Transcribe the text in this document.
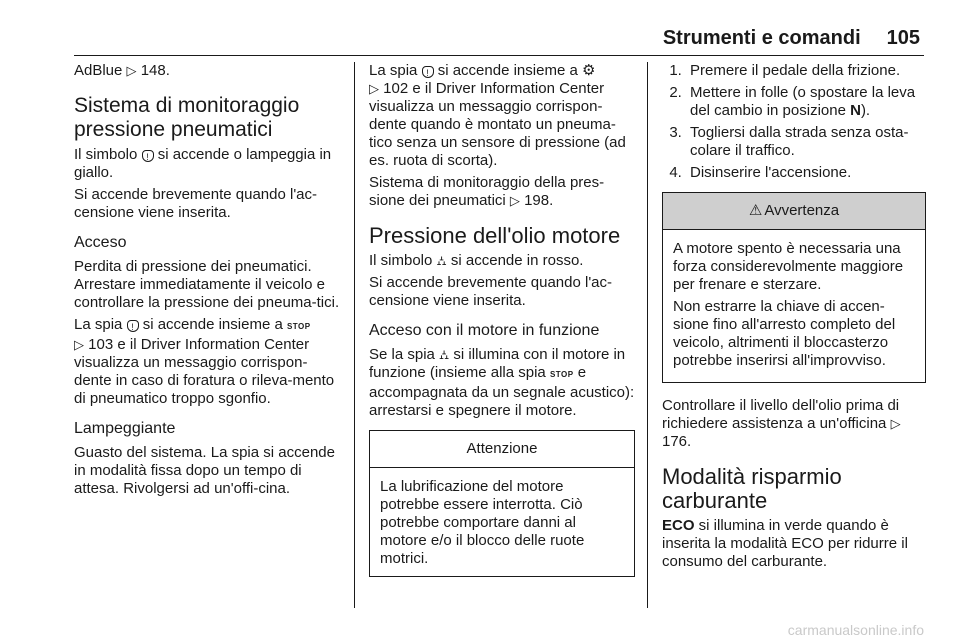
Strumenti e comandi 105

AdBlue ▷ 148.

Sistema di monitoraggio pressione pneumatici

Il simbolo ! si accende o lampeggia in giallo.

Si accende brevemente quando l'ac-censione viene inserita.

Acceso

Perdita di pressione dei pneumatici. Arrestare immediatamente il veicolo e controllare la pressione dei pneuma-tici.

La spia ! si accende insieme a STOP
▷ 103 e il Driver Information Center visualizza un messaggio corrispon-dente in caso di foratura o rileva-mento di pneumatico troppo sgonfio.

Lampeggiante

Guasto del sistema. La spia si accende in modalità fissa dopo un tempo di attesa. Rivolgersi ad un'offi-cina.

La spia ! si accende insieme a ⚙
▷ 102 e il Driver Information Center visualizza un messaggio corrispon-dente quando è montato un pneuma-tico senza un sensore di pressione (ad es. ruota di scorta).

Sistema di monitoraggio della pres-sione dei pneumatici ▷ 198.

Pressione dell'olio motore

Il simbolo ⛼ si accende in rosso.

Si accende brevemente quando l'ac-censione viene inserita.

Acceso con il motore in funzione

Se la spia ⛼ si illumina con il motore in funzione (insieme alla spia STOP e accompagnata da un segnale acustico): arrestarsi e spegnere il motore.

Attenzione
La lubrificazione del motore potrebbe essere interrotta. Ciò potrebbe comportare danni al motore e/o il blocco delle ruote motrici.
1. Premere il pedale della frizione.
2. Mettere in folle (o spostare la leva del cambio in posizione N).
3. Togliersi dalla strada senza osta-colare il traffico.
4. Disinserire l'accensione.
⚠ Avvertenza

A motore spento è necessaria una forza considerevolmente maggiore per frenare e sterzare.

Non estrarre la chiave di accen-sione fino all'arresto completo del veicolo, altrimenti il bloccasterzo potrebbe inserirsi all'improvviso.

Controllare il livello dell'olio prima di richiedere assistenza a un'officina ▷ 176.

Modalità risparmio carburante

ECO si illumina in verde quando è inserita la modalità ECO per ridurre il consumo del carburante.

carmanualsonline.info
